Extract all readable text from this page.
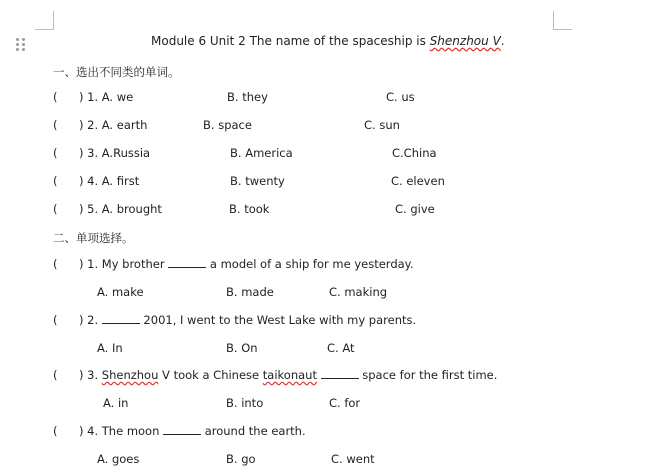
Module 6 Unit 2 The name of the spaceship is Shenzhou V.
一、选出不同类的单词。
( ) 1. A. we	B. they	C. us
( ) 2. A. earth	B. space	C. sun
( ) 3. A.Russia	B. America	C.China
( ) 4. A. first	B. twenty	C. eleven
( ) 5. A. brought	B. took	C. give
二、单项选择。
( ) 1. My brother	a model of a ship for me yesterday.
A. make	B. made	C. making
( ) 2.	2001, I went to the West Lake with my parents.
A. In	B. On	C. At
( ) 3. Shenzhou V took a Chinese taikonaut	space for the first time.
A. in	B. into	C. for
( ) 4. The moon	around the earth.
A. goes	B. go	C. went
